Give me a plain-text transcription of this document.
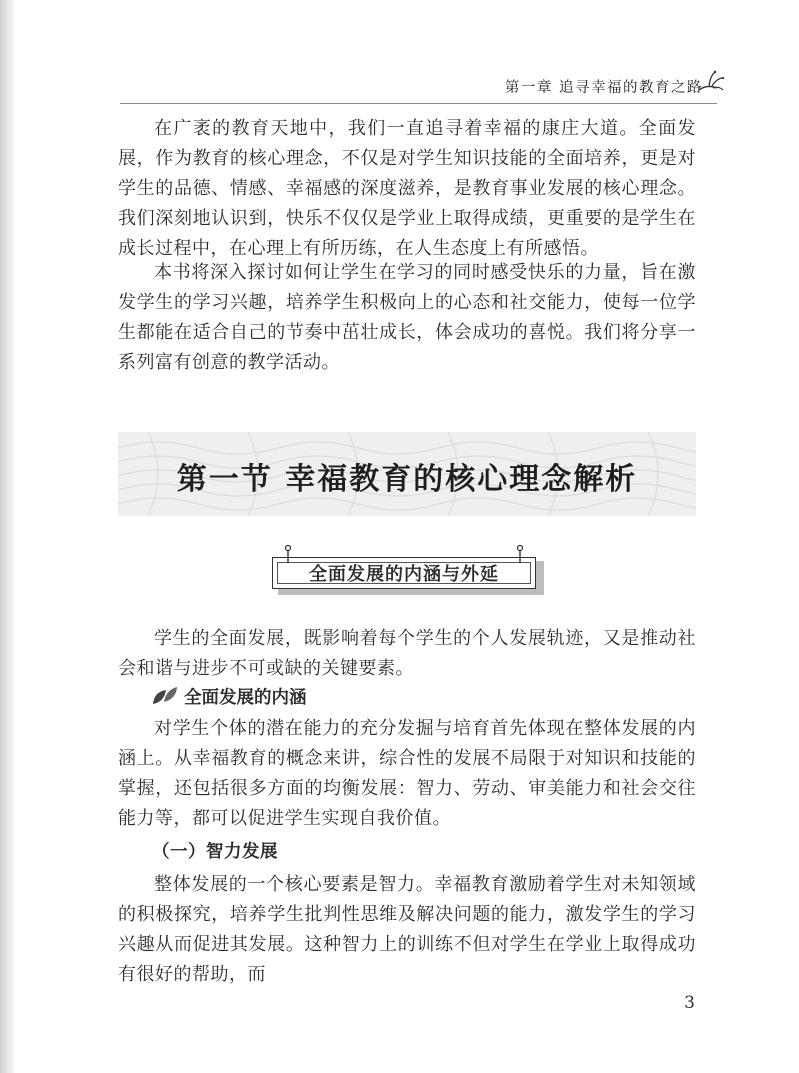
第一章 追寻幸福的教育之路

在广袤的教育天地中，我们一直追寻着幸福的康庄大道。全面发展，作为教育的核心理念，不仅是对学生知识技能的全面培养，更是对学生的品德、情感、幸福感的深度滋养，是教育事业发展的核心理念。我们深刻地认识到，快乐不仅仅是学业上取得成绩，更重要的是学生在成长过程中，在心理上有所历练，在人生态度上有所感悟。

本书将深入探讨如何让学生在学习的同时感受快乐的力量，旨在激发学生的学习兴趣，培养学生积极向上的心态和社交能力，使每一位学生都能在适合自己的节奏中茁壮成长，体会成功的喜悦。我们将分享一系列富有创意的教学活动。

第一节 幸福教育的核心理念解析
全面发展的内涵与外延

学生的全面发展，既影响着每个学生的个人发展轨迹，又是推动社会和谐与进步不可或缺的关键要素。

全面发展的内涵

对学生个体的潜在能力的充分发掘与培育首先体现在整体发展的内涵上。从幸福教育的概念来讲，综合性的发展不局限于对知识和技能的掌握，还包括很多方面的均衡发展：智力、劳动、审美能力和社会交往能力等，都可以促进学生实现自我价值。

（一）智力发展

整体发展的一个核心要素是智力。幸福教育激励着学生对未知领域的积极探究，培养学生批判性思维及解决问题的能力，激发学生的学习兴趣从而促进其发展。这种智力上的训练不但对学生在学业上取得成功有很好的帮助，而

3
